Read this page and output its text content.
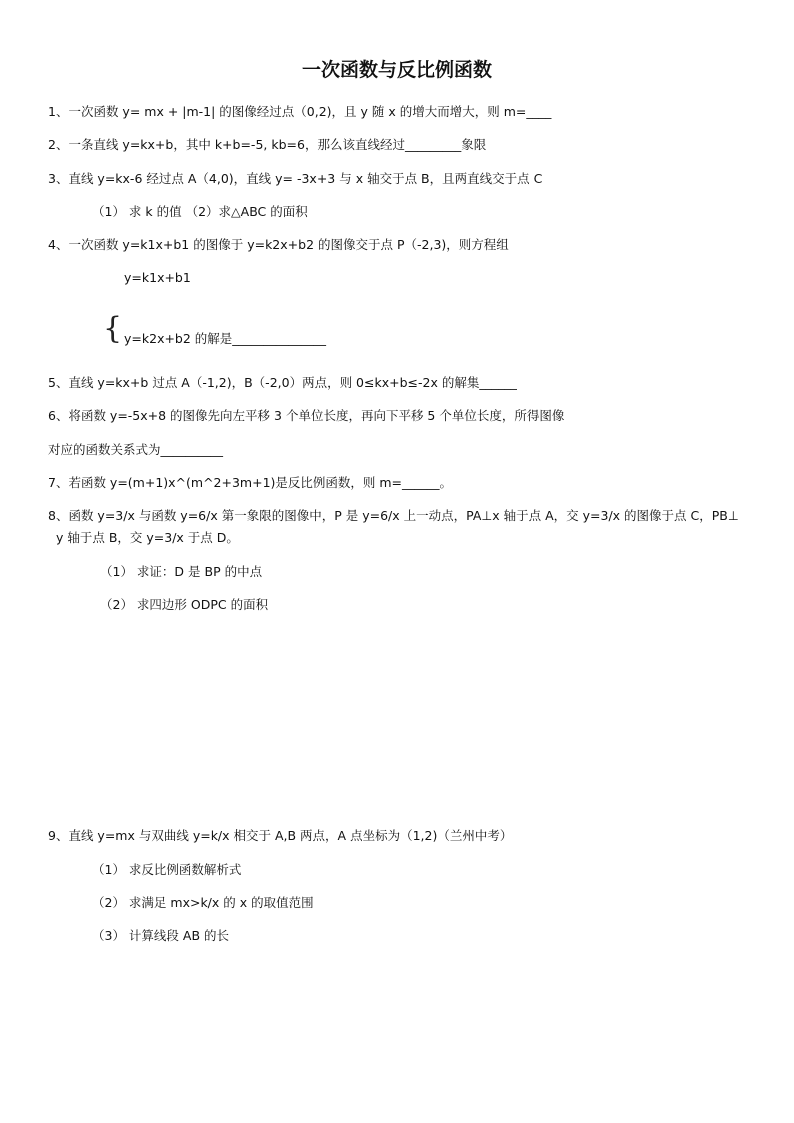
一次函数与反比例函数
1、一次函数 y= mx + |m-1| 的图像经过点（0,2)，且 y 随 x 的增大而增大，则 m=____
2、一条直线 y=kx+b，其中 k+b=-5, kb=6，那么该直线经过_________象限
3、直线 y=kx-6 经过点 A（4,0)，直线 y= -3x+3 与 x 轴交于点 B，且两直线交于点 C
（1） 求 k 的值 （2）求△ABC 的面积
4、一次函数 y=k1x+b1 的图像于 y=k2x+b2 的图像交于点 P（-2,3)，则方程组
y=k1x+b1
{ y=k2x+b2 的解是_______________
5、直线 y=kx+b 过点 A（-1,2)，B（-2,0）两点，则 0≤kx+b≤-2x 的解集______
6、将函数 y=-5x+8 的图像先向左平移 3 个单位长度，再向下平移 5 个单位长度，所得图像
对应的函数关系式为__________
7、若函数 y=(m+1)x^(m^2+3m+1)是反比例函数，则 m=______。
8、函数 y=3/x 与函数 y=6/x 第一象限的图像中，P 是 y=6/x 上一动点，PA⊥x 轴于点 A，交 y=3/x 的图像于点 C，PB⊥
y 轴于点 B，交 y=3/x 于点 D。
（1） 求证：D 是 BP 的中点
（2） 求四边形 ODPC 的面积
9、直线 y=mx 与双曲线 y=k/x 相交于 A,B 两点，A 点坐标为（1,2)（兰州中考）
（1） 求反比例函数解析式
（2） 求满足 mx>k/x 的 x 的取值范围
（3） 计算线段 AB 的长
